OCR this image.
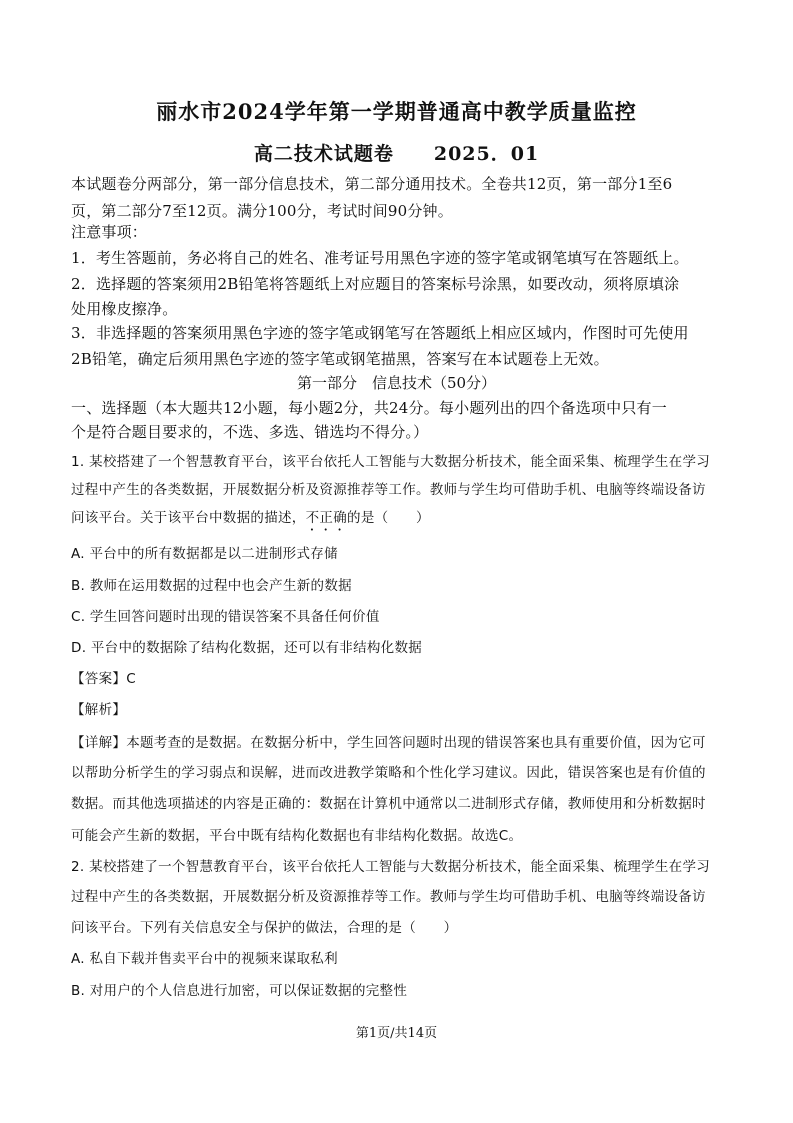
丽水市2024学年第一学期普通高中教学质量监控
高二技术试题卷 2025．01
本试题卷分两部分，第一部分信息技术，第二部分通用技术。全卷共12页，第一部分1至6
页，第二部分7至12页。满分100分，考试时间90分钟。
注意事项：
1．考生答题前，务必将自己的姓名、准考证号用黑色字迹的签字笔或钢笔填写在答题纸上。
2．选择题的答案须用2B铅笔将答题纸上对应题目的答案标号涂黑，如要改动，须将原填涂
处用橡皮擦净。
3．非选择题的答案须用黑色字迹的签字笔或钢笔写在答题纸上相应区域内，作图时可先使用
2B铅笔，确定后须用黑色字迹的签字笔或钢笔描黑，答案写在本试题卷上无效。
第一部分　信息技术（50分）
一、选择题（本大题共12小题，每小题2分，共24分。每小题列出的四个备选项中只有一
个是符合题目要求的，不选、多选、错选均不得分。）
1. 某校搭建了一个智慧教育平台，该平台依托人工智能与大数据分析技术，能全面采集、梳理学生在学习
过程中产生的各类数据，开展数据分析及资源推荐等工作。教师与学生均可借助手机、电脑等终端设备访
问该平台。关于该平台中数据的描述，不正确的是（　　）
A. 平台中的所有数据都是以二进制形式存储
B. 教师在运用数据的过程中也会产生新的数据
C. 学生回答问题时出现的错误答案不具备任何价值
D. 平台中的数据除了结构化数据，还可以有非结构化数据
【答案】C
【解析】
【详解】本题考查的是数据。在数据分析中，学生回答问题时出现的错误答案也具有重要价值，因为它可
以帮助分析学生的学习弱点和误解，进而改进教学策略和个性化学习建议。因此，错误答案也是有价值的
数据。而其他选项描述的内容是正确的：数据在计算机中通常以二进制形式存储，教师使用和分析数据时
可能会产生新的数据，平台中既有结构化数据也有非结构化数据。故选C。
2. 某校搭建了一个智慧教育平台，该平台依托人工智能与大数据分析技术，能全面采集、梳理学生在学习
过程中产生的各类数据，开展数据分析及资源推荐等工作。教师与学生均可借助手机、电脑等终端设备访
问该平台。下列有关信息安全与保护的做法，合理的是（　　）
A. 私自下载并售卖平台中的视频来谋取私利
B. 对用户的个人信息进行加密，可以保证数据的完整性
第1页/共14页
